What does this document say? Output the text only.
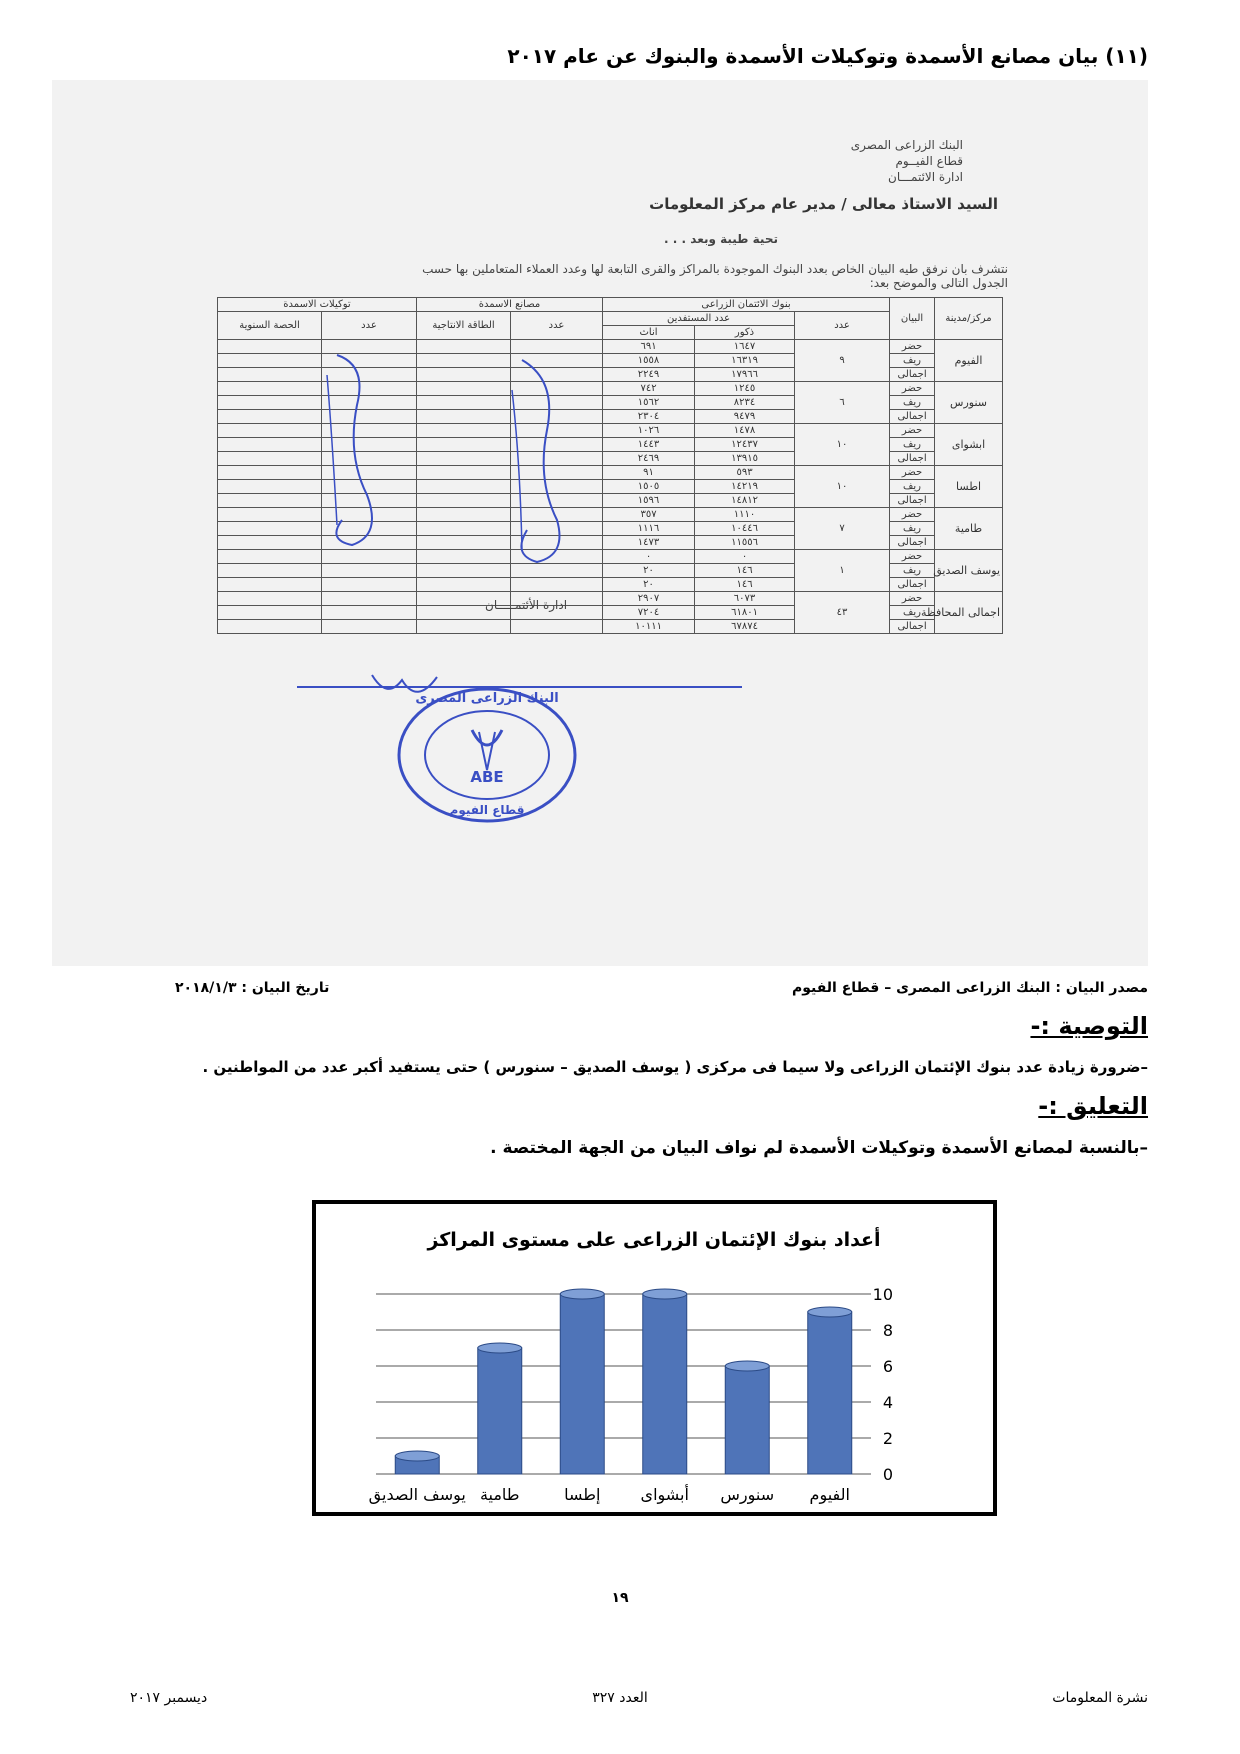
(١١) بيان مصانع الأسمدة وتوكيلات الأسمدة والبنوك عن عام ٢٠١٧
البنك الزراعى المصرى
قطاع الفيــوم
ادارة الائتمـــان
السيد الاستاذ معالى / مدير عام مركز المعلومات
تحية طيبة وبعد . . .
نتشرف بان نرفق طيه البيان الخاص بعدد البنوك الموجودة بالمراكز والقرى التابعة لها وعدد العملاء المتعاملين بها حسب
الجدول التالى والموضح بعد:
مركز/مدينة	البيان	بنوك الائتمان الزراعى			مصانع الاسمدة		توكيلات الاسمدة	
		عدد	عدد المستفدين		عدد	الطاقة الانتاجية	عدد	الحصة السنوية
			ذكور	اناث				
الفيوم	حضر	٩	١٦٤٧	٦٩١				
	ريف		١٦٣١٩	١٥٥٨				
	اجمالى		١٧٩٦٦	٢٢٤٩				
سنورس	حضر	٦	١٢٤٥	٧٤٢				
	ريف		٨٢٣٤	١٥٦٢				
	اجمالى		٩٤٧٩	٢٣٠٤				
ابشواى	حضر	١٠	١٤٧٨	١٠٢٦				
	ريف		١٢٤٣٧	١٤٤٣				
	اجمالى		١٣٩١٥	٢٤٦٩				
اطسا	حضر	١٠	٥٩٣	٩١				
	ريف		١٤٢١٩	١٥٠٥				
	اجمالى		١٤٨١٢	١٥٩٦				
طامية	حضر	٧	١١١٠	٣٥٧				
	ريف		١٠٤٤٦	١١١٦				
	اجمالى		١١٥٥٦	١٤٧٣				
يوسف الصديق	حضر	١	٠	٠				
	ريف		١٤٦	٢٠				
	اجمالى		١٤٦	٢٠				
اجمالى المحافظة	حضر	٤٣	٦٠٧٣	٢٩٠٧				
	ريف		٦١٨٠١	٧٢٠٤				
	اجمالى		٦٧٨٧٤	١٠١١١				
ادارة الأئتمـــــان
ABE
البنك الزراعى المصرى
قطاع الفيوم
مصدر البيان : البنك الزراعى المصرى – قطاع الفيوم
تاريخ البيان : ٢٠١٨/١/٣
التوصية :-
–ضرورة زيادة عدد بنوك الإئتمان الزراعى ولا سيما فى مركزى ( يوسف الصديق – سنورس ) حتى يستفيد أكبر عدد من المواطنين .
التعليق :-
–بالنسبة لمصانع الأسمدة وتوكيلات الأسمدة لم نواف البيان من الجهة المختصة .
أعداد بنوك الإئتمان الزراعى على مستوى المراكز
0
2
4
6
8
10
الفيوم
سنورس
أبشواى
إطسا
طامية
يوسف الصديق
١٩
نشرة المعلومات
العدد ٣٢٧
ديسمبر ٢٠١٧
